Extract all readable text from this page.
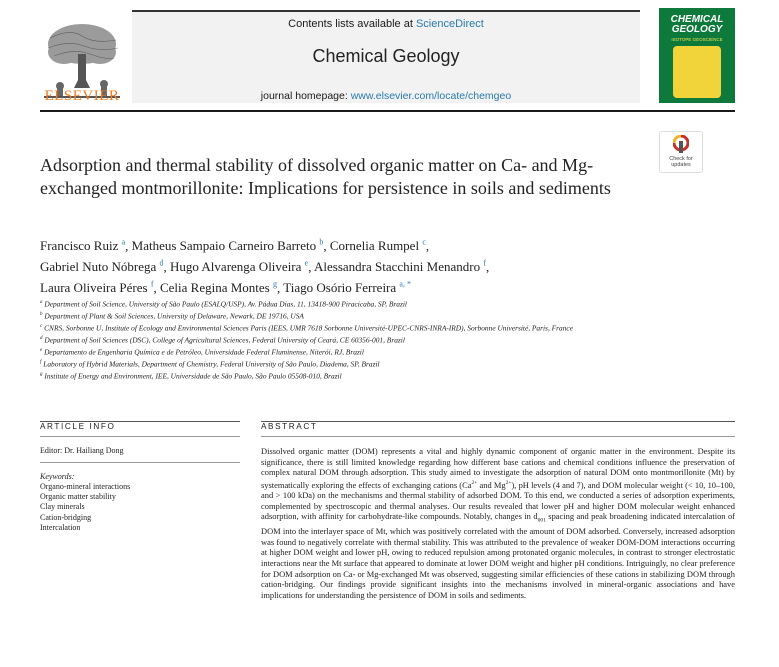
ELSEVIER
Contents lists available at ScienceDirect
Chemical Geology
journal homepage: www.elsevier.com/locate/chemgeo
CHEMICAL
GEOLOGY
ISOTOPE GEOSCIENCE
Check for
updates
Adsorption and thermal stability of dissolved organic matter on Ca- and Mg-exchanged montmorillonite: Implications for persistence in soils and sediments
Francisco Ruiz $^a$, Matheus Sampaio Carneiro Barreto $^b$, Cornelia Rumpel $^c$,
Gabriel Nuto Nóbrega $^d$, Hugo Alvarenga Oliveira $^e$, Alessandra Stacchini Menandro $^f$,
Laura Oliveira Péres $^f$, Celia Regina Montes $^g$, Tiago Osório Ferreira $^{a, *}$
$^a$ Department of Soil Science, University of São Paulo (ESALQ/USP), Av. Pádua Dias, 11, 13418-900 Piracicaba, SP, Brazil
$^b$ Department of Plant & Soil Sciences, University of Delaware, Newark, DE 19716, USA
$^c$ CNRS, Sorbonne U, Institute of Ecology and Environmental Sciences Paris (IEES, UMR 7618 Sorbonne Université-UPEC-CNRS-INRA-IRD), Sorbonne Université, Paris, France
$^d$ Department of Soil Sciences (DSC), College of Agricultural Sciences, Federal University of Ceará, CE 60356-001, Brazil
$^e$ Departamento de Engenharia Química e de Petróleo, Universidade Federal Fluminense, Niterói, RJ, Brazil
$^f$ Laboratory of Hybrid Materials, Department of Chemistry, Federal University of São Paulo, Diadema, SP, Brazil
$^g$ Institute of Energy and Environment, IEE, Universidade de São Paulo, São Paulo 05508-010, Brazil
ARTICLE INFO
Editor: Dr. Hailiang Dong
Keywords:
Organo-mineral interactions
Organic matter stability
Clay minerals
Cation-bridging
Intercalation
ABSTRACT

Dissolved organic matter (DOM) represents a vital and highly dynamic component of organic matter in the environment. Despite its significance, there is still limited knowledge regarding how different base cations and chemical conditions influence the preservation of complex natural DOM through adsorption. This study aimed to investigate the adsorption of natural DOM onto montmorillonite (Mt) by systematically exploring the effects of exchanging cations ($Ca^{2+}$ and $Mg^{2+}$), pH levels (4 and 7), and DOM molecular weight (< 10, 10–100, and > 100 kDa) on the mechanisms and thermal stability of adsorbed DOM. To this end, we conducted a series of adsorption experiments, complemented by spectroscopic and thermal analyses. Our results revealed that lower pH and higher DOM molecular weight enhanced adsorption, with affinity for carbohydrate-like compounds. Notably, changes in $d_{001}$ spacing and peak broadening indicated intercalation of DOM into the interlayer space of Mt, which was positively correlated with the amount of DOM adsorbed. Conversely, increased adsorption was found to negatively correlate with thermal stability. This was attributed to the prevalence of weaker DOM-DOM interactions occurring at higher DOM weight and lower pH, owing to reduced repulsion among protonated organic molecules, in contrast to stronger electrostatic interactions near the Mt surface that appeared to dominate at lower DOM weight and higher pH conditions. Intriguingly, no clear preference for DOM adsorption on Ca- or Mg-exchanged Mt was observed, suggesting similar efficiencies of these cations in stabilizing DOM through cation-bridging. Our findings provide significant insights into the mechanisms involved in mineral-organic associations and have implications for understanding the persistence of DOM in soils and sediments.
